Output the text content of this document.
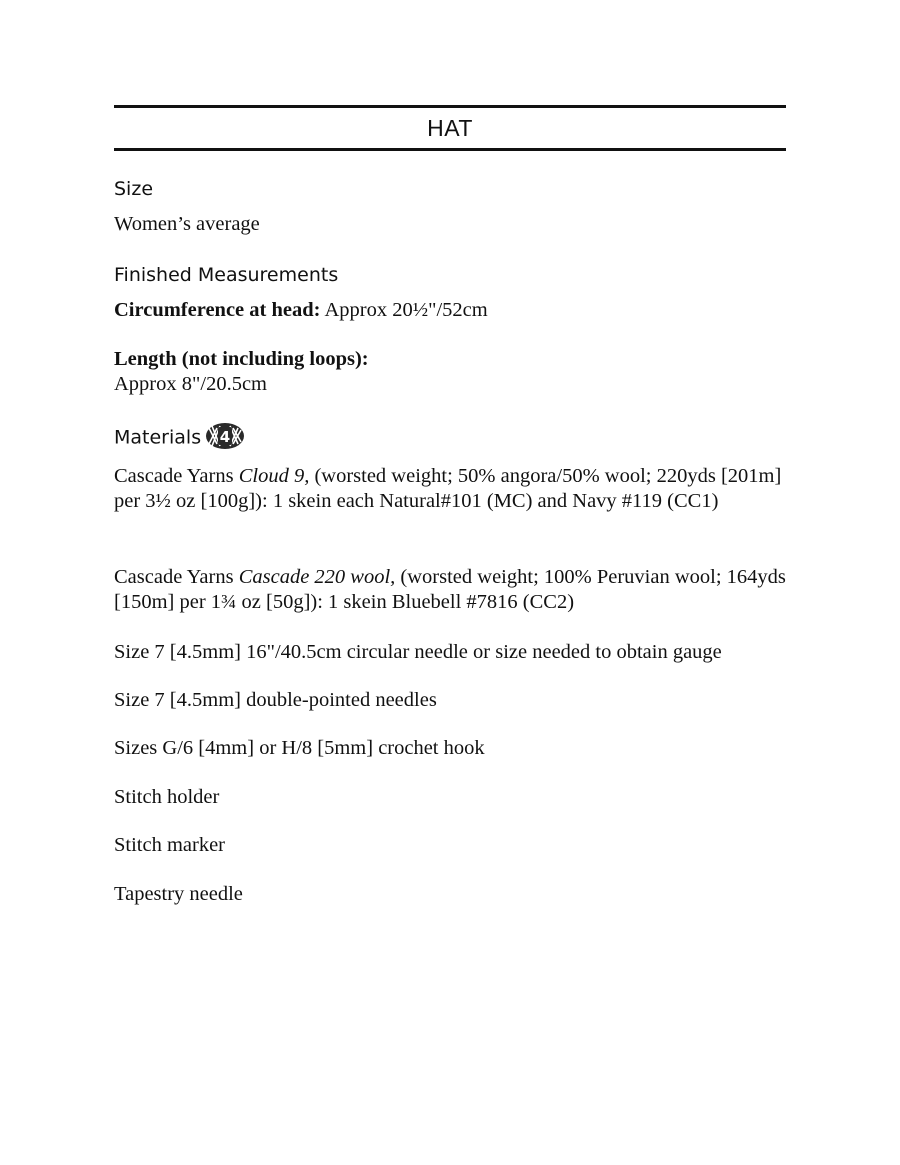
HAT
Size
Women’s average
Finished Measurements
Circumference at head: Approx 20½"/52cm
Length (not including loops):
Approx 8"/20.5cm
Materials 4
Cascade Yarns Cloud 9, (worsted weight; 50% angora/50% wool; 220yds [201m] per 3½ oz [100g]): 1 skein each Natural#101 (MC) and Navy #119 (CC1)
Cascade Yarns Cascade 220 wool, (worsted weight; 100% Peruvian wool; 164yds [150m] per 1¾ oz [50g]): 1 skein Bluebell #7816 (CC2)
Size 7 [4.5mm] 16"/40.5cm circular needle or size needed to obtain gauge
Size 7 [4.5mm] double-pointed needles
Sizes G/6 [4mm] or H/8 [5mm] crochet hook
Stitch holder
Stitch marker
Tapestry needle
